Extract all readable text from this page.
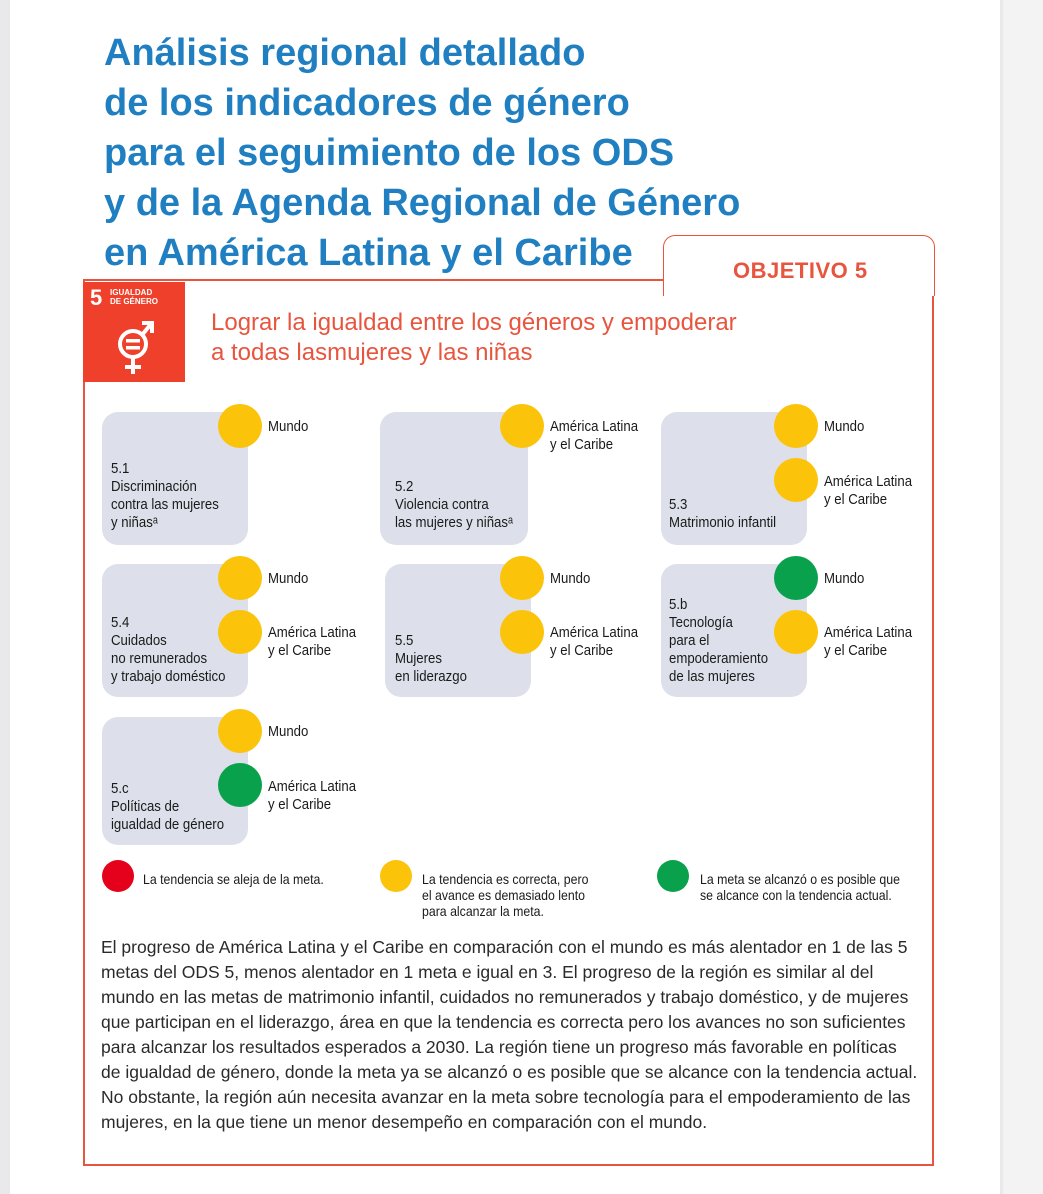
Análisis regional detallado
de los indicadores de género
para el seguimiento de los ODS
y de la Agenda Regional de Género
en América Latina y el Caribe	OBJETIVO 5
5 IGUALDAD
DE GÉNERO
Lograr la igualdad entre los géneros y empoderar
a todas lasmujeres y las niñas
5.1
Discriminación
contra las mujeres
y niñasᵃ
Mundo
5.2
Violencia contra
las mujeres y niñasᵃ
América Latina
y el Caribe
5.3
Matrimonio infantil
Mundo
América Latina
y el Caribe
5.4
Cuidados
no remunerados
y trabajo doméstico
Mundo
América Latina
y el Caribe
5.5
Mujeres
en liderazgo
Mundo
América Latina
y el Caribe
5.b
Tecnología
para el
empoderamiento
de las mujeres
Mundo
América Latina
y el Caribe
5.c
Políticas de
igualdad de género
Mundo
América Latina
y el Caribe
La tendencia se aleja de la meta.	La tendencia es correcta, pero
el avance es demasiado lento
para alcanzar la meta.
La meta se alcanzó o es posible que
se alcance con la tendencia actual.

El progreso de América Latina y el Caribe en comparación con el mundo es más alentador en 1 de las 5 metas del ODS 5, menos alentador en 1 meta e igual en 3. El progreso de la región es similar al del mundo en las metas de matrimonio infantil, cuidados no remunerados y trabajo doméstico, y de mujeres que participan en el liderazgo, área en que la tendencia es correcta pero los avances no son suficientes para alcanzar los resultados esperados a 2030. La región tiene un progreso más favorable en políticas de igualdad de género, donde la meta ya se alcanzó o es posible que se alcance con la tendencia actual. No obstante, la región aún necesita avanzar en la meta sobre tecnología para el empoderamiento de las mujeres, en la que tiene un menor desempeño en comparación con el mundo.
